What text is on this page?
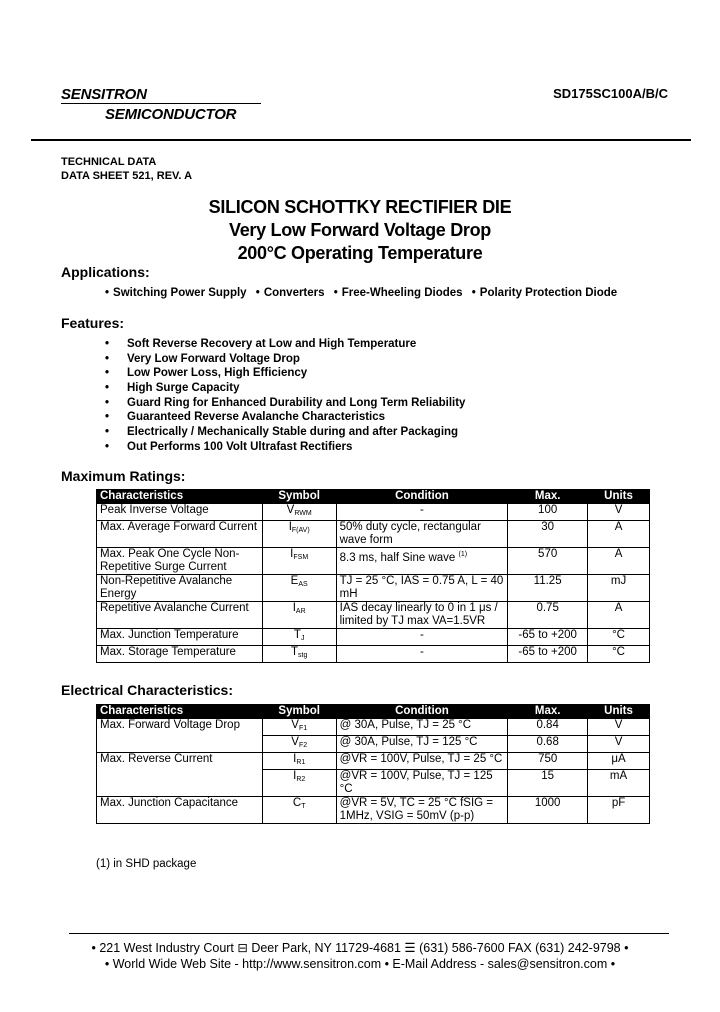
SENSITRON
SEMICONDUCTOR
SD175SC100A/B/C
TECHNICAL DATA
DATA SHEET 521, REV. A
SILICON SCHOTTKY RECTIFIER DIE
Very Low Forward Voltage Drop
200°C Operating Temperature
Applications:
• Switching Power Supply • Converters • Free-Wheeling Diodes • Polarity Protection Diode
Features:
• Soft Reverse Recovery at Low and High Temperature
• Very Low Forward Voltage Drop
• Low Power Loss, High Efficiency
• High Surge Capacity
• Guard Ring for Enhanced Durability and Long Term Reliability
• Guaranteed Reverse Avalanche Characteristics
• Electrically / Mechanically Stable during and after Packaging
• Out Performs 100 Volt Ultrafast Rectifiers
Maximum Ratings:
Characteristics	Symbol	Condition	Max.	Units
Peak Inverse Voltage	$V_{RWM}$	-	100	V
Max. Average Forward Current	$I_{F(AV)}$	50% duty cycle, rectangular wave form	30	A
Max. Peak One Cycle Non-Repetitive Surge Current	$I_{FSM}$	8.3 ms, half Sine wave $^{(1)}$	570	A
Non-Repetitive Avalanche Energy	$E_{AS}$	TJ = 25 °C, IAS = 0.75 A, L = 40 mH	11.25	mJ
Repetitive Avalanche Current	$I_{AR}$	IAS decay linearly to 0 in 1 μs / limited by TJ max VA=1.5VR	0.75	A
Max. Junction Temperature	$T_J$	-	-65 to +200	°C
Max. Storage Temperature	$T_{stg}$	-	-65 to +200	°C
Electrical Characteristics:
Characteristics	Symbol	Condition	Max.	Units
Max. Forward Voltage Drop	$V_{F1}$	@ 30A, Pulse, TJ = 25 °C	0.84	V
	$V_{F2}$	@ 30A, Pulse, TJ = 125 °C	0.68	V
Max. Reverse Current	$I_{R1}$	@VR = 100V, Pulse, TJ = 25 °C	750	μA
	$I_{R2}$	@VR = 100V, Pulse, TJ = 125 °C	15	mA
Max. Junction Capacitance	$C_T$	@VR = 5V, TC = 25 °C fSIG = 1MHz, VSIG = 50mV (p-p)	1000	pF
(1) in SHD package
• 221 West Industry Court ⊟ Deer Park, NY 11729-4681 ☰ (631) 586-7600 FAX (631) 242-9798 •
• World Wide Web Site - http://www.sensitron.com • E-Mail Address - sales@sensitron.com •
